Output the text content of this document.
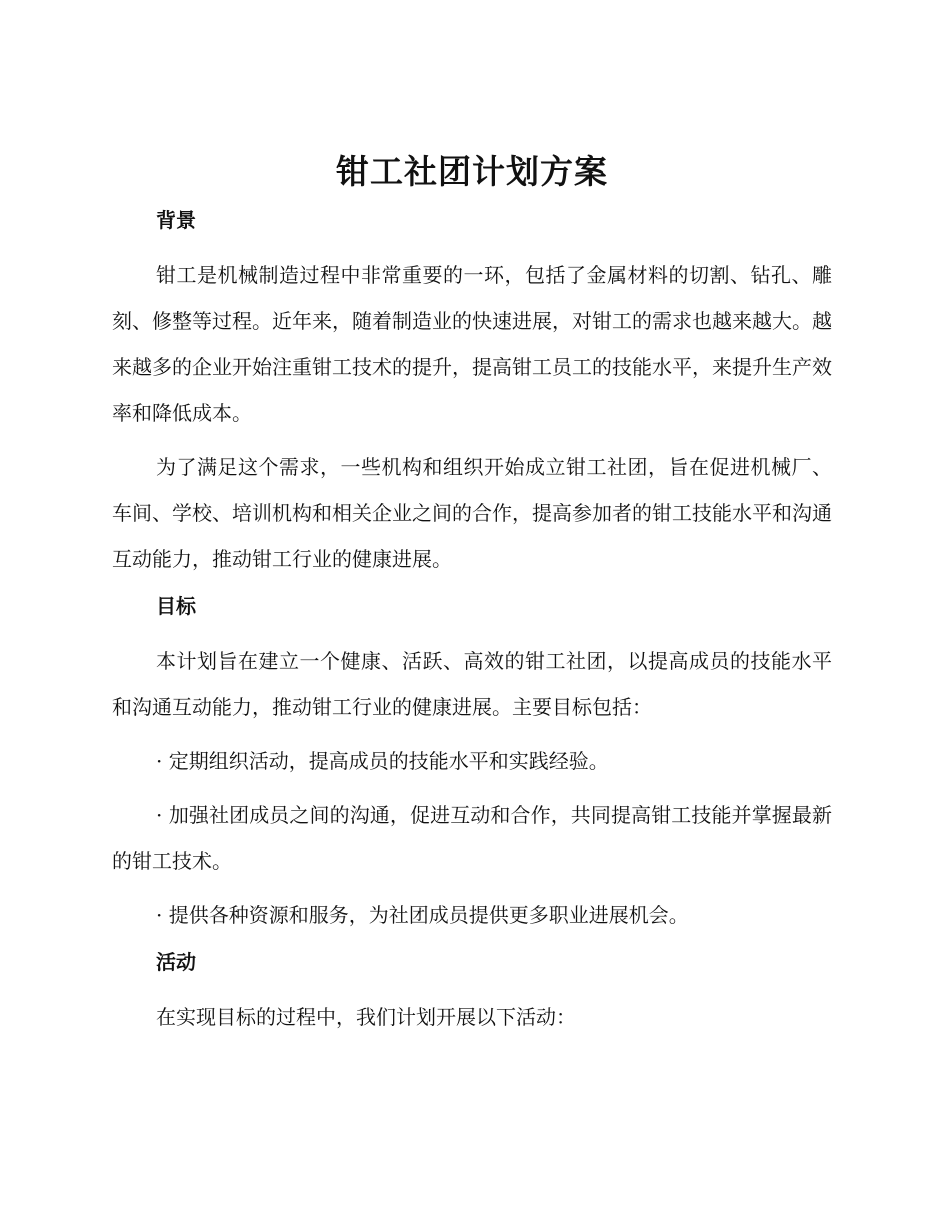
钳工社团计划方案
背景

钳工是机械制造过程中非常重要的一环，包括了金属材料的切割、钻孔、雕刻、修整等过程。近年来，随着制造业的快速进展，对钳工的需求也越来越大。越来越多的企业开始注重钳工技术的提升，提高钳工员工的技能水平，来提升生产效率和降低成本。

为了满足这个需求，一些机构和组织开始成立钳工社团，旨在促进机械厂、车间、学校、培训机构和相关企业之间的合作，提高参加者的钳工技能水平和沟通互动能力，推动钳工行业的健康进展。

目标

本计划旨在建立一个健康、活跃、高效的钳工社团，以提高成员的技能水平和沟通互动能力，推动钳工行业的健康进展。主要目标包括：

· 定期组织活动，提高成员的技能水平和实践经验。

· 加强社团成员之间的沟通，促进互动和合作，共同提高钳工技能并掌握最新的钳工技术。

· 提供各种资源和服务，为社团成员提供更多职业进展机会。

活动

在实现目标的过程中，我们计划开展以下活动：
